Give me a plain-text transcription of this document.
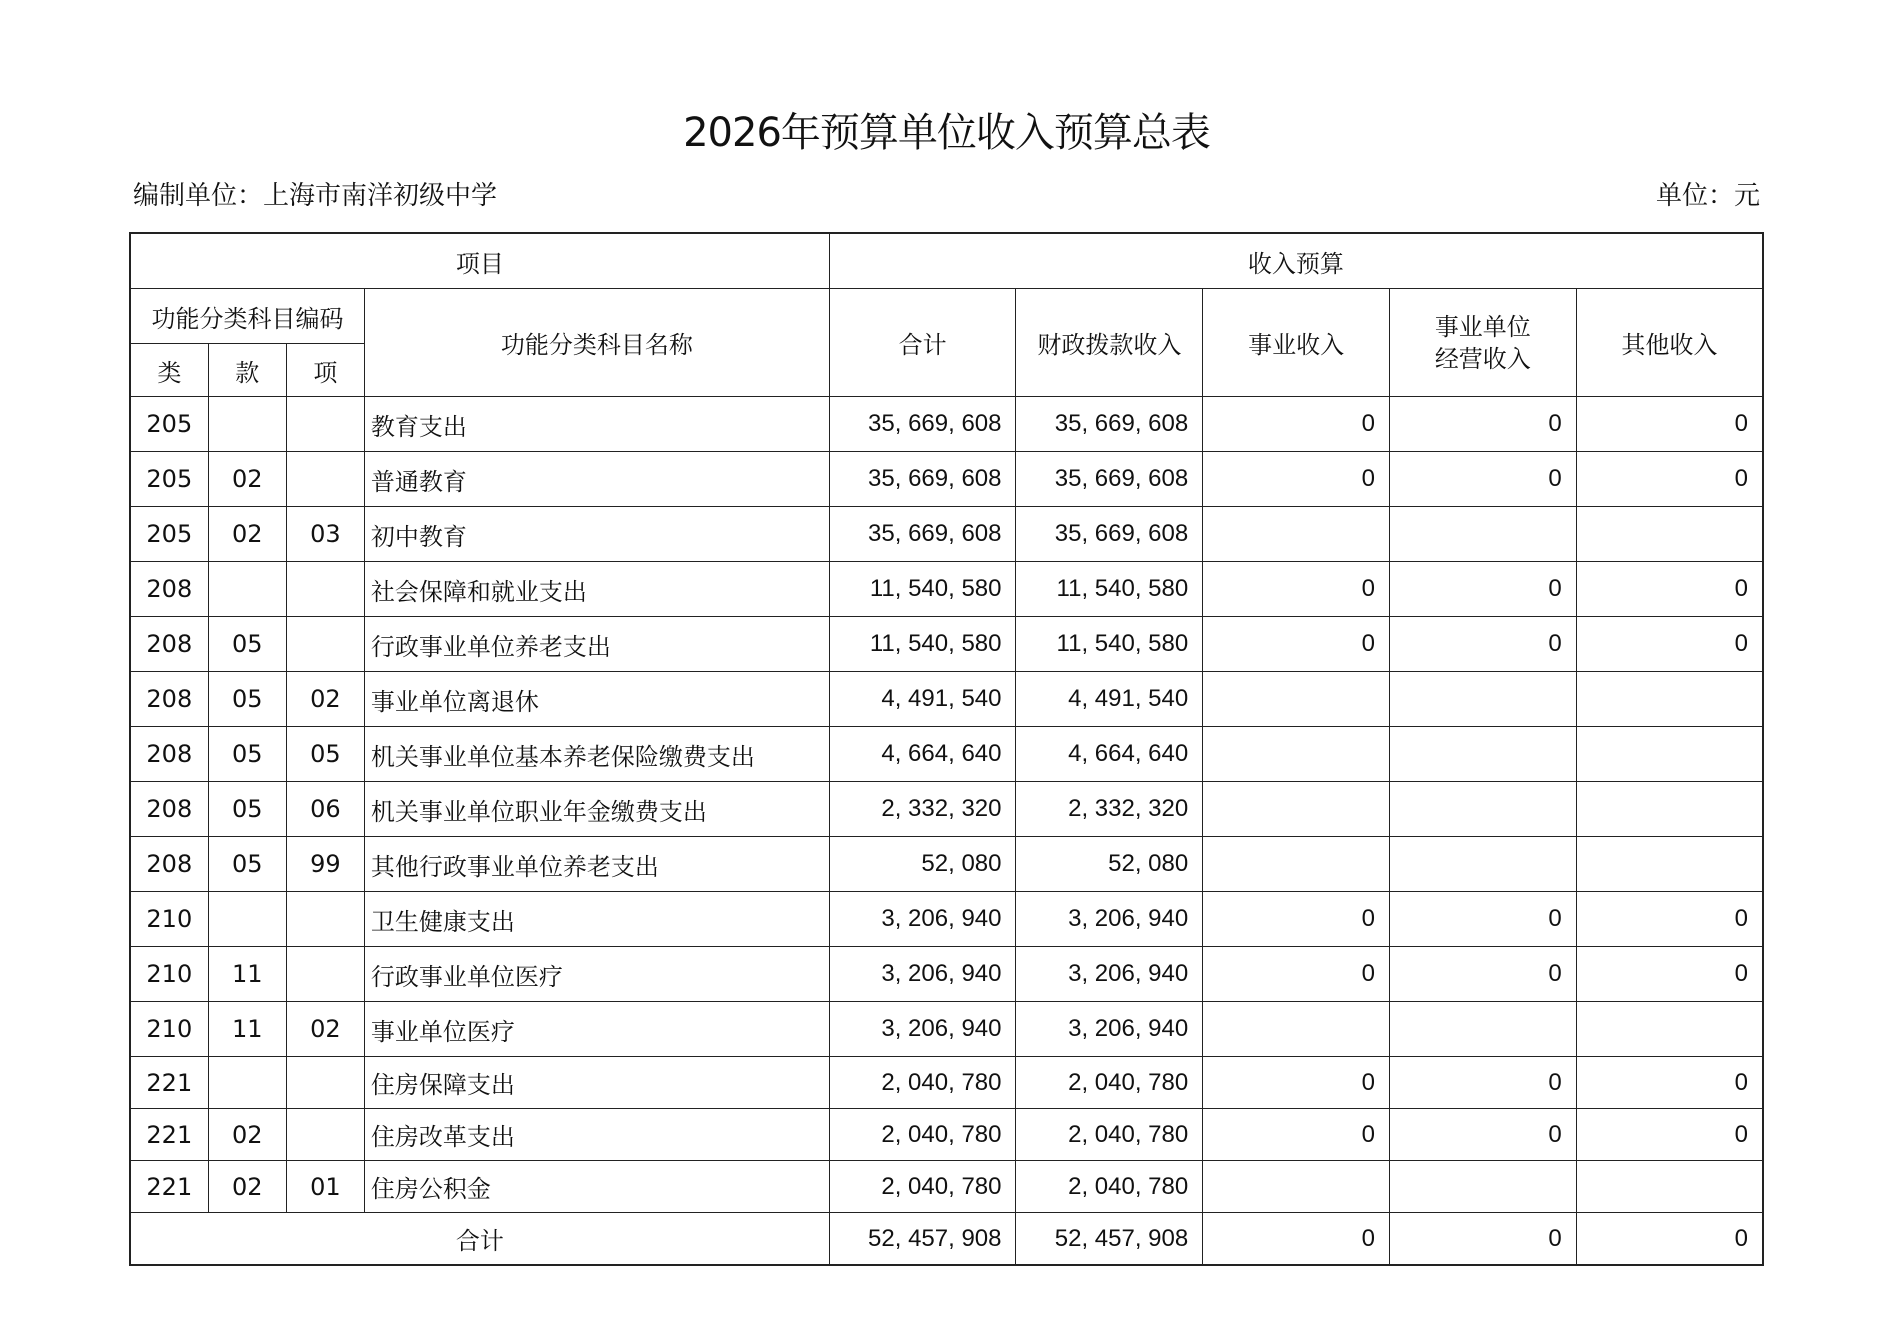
2026年预算单位收入预算总表
编制单位：上海市南洋初级中学	单位：元
项目				收入预算				
功能分类科目编码			功能分类科目名称	合计	财政拨款收入	事业收入	事业单位
经营收入	其他收入
类	款	项						
205			教育支出	35, 669, 608	35, 669, 608	0	0	0
205	02		普通教育	35, 669, 608	35, 669, 608	0	0	0
205	02	03	初中教育	35, 669, 608	35, 669, 608			
208			社会保障和就业支出	11, 540, 580	11, 540, 580	0	0	0
208	05		行政事业单位养老支出	11, 540, 580	11, 540, 580	0	0	0
208	05	02	事业单位离退休	4, 491, 540	4, 491, 540			
208	05	05	机关事业单位基本养老保险缴费支出	4, 664, 640	4, 664, 640			
208	05	06	机关事业单位职业年金缴费支出	2, 332, 320	2, 332, 320			
208	05	99	其他行政事业单位养老支出	52, 080	52, 080			
210			卫生健康支出	3, 206, 940	3, 206, 940	0	0	0
210	11		行政事业单位医疗	3, 206, 940	3, 206, 940	0	0	0
210	11	02	事业单位医疗	3, 206, 940	3, 206, 940			
221			住房保障支出	2, 040, 780	2, 040, 780	0	0	0
221	02		住房改革支出	2, 040, 780	2, 040, 780	0	0	0
221	02	01	住房公积金	2, 040, 780	2, 040, 780			
合计				52, 457, 908	52, 457, 908	0	0	0
